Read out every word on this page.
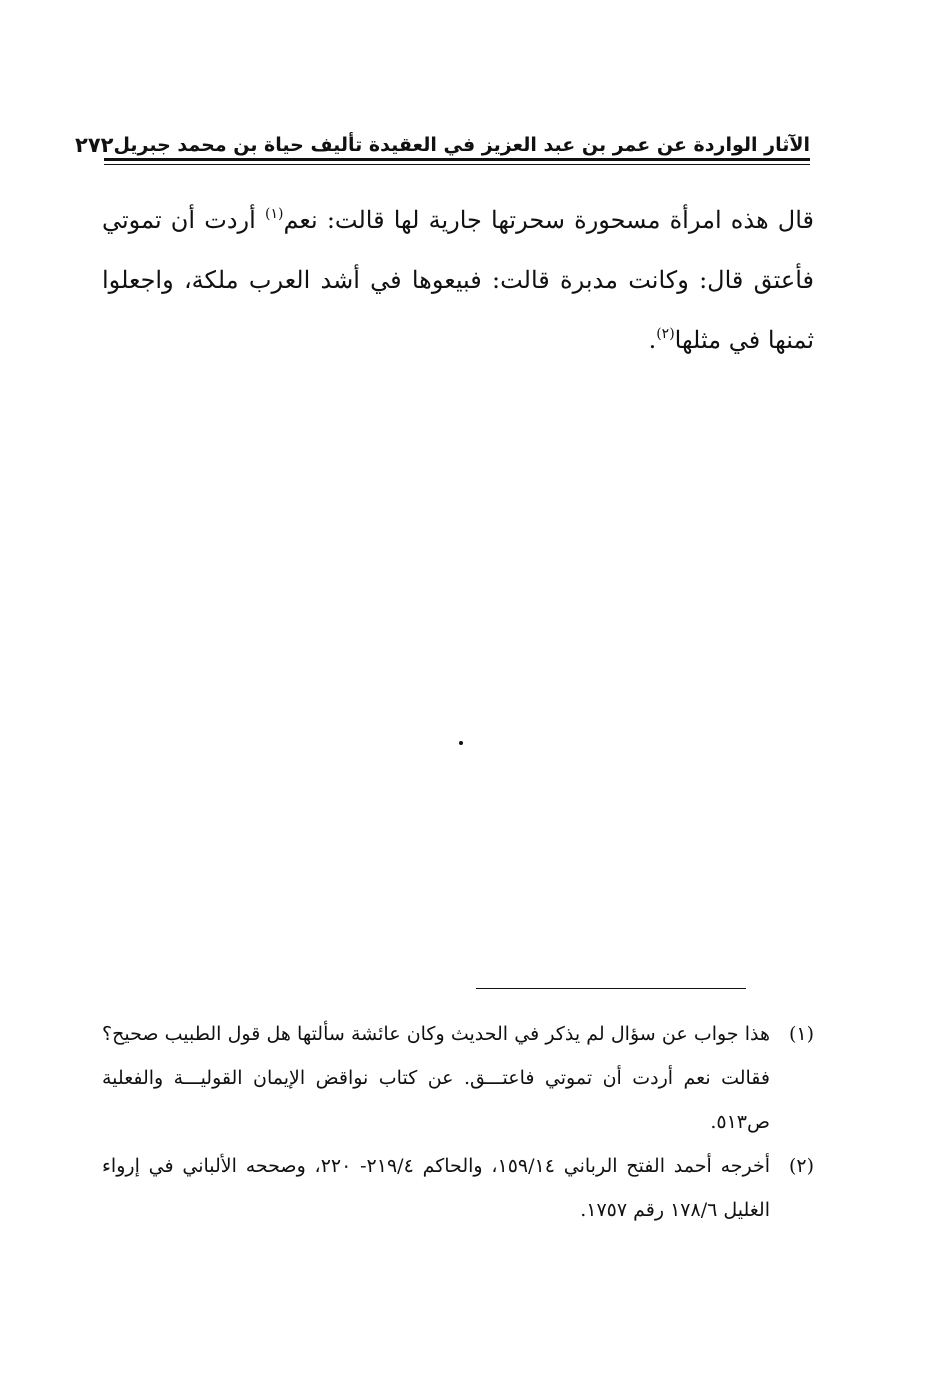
الآثار الواردة عن عمر بن عبد العزيز في العقيدة تأليف حياة بن محمد جبريل
٢٧٢
قال هذه امرأة مسحورة سحرتها جارية لها قالت: نعم$^{(١)}$ أردت أن تموتي فأعتق قال: وكانت مدبرة قالت: فبيعوها في أشد العرب ملكة، واجعلوا ثمنها في مثلها$^{(٢)}$.
(١)
هذا جواب عن سؤال لم يذكر في الحديث وكان عائشة سألتها هل قول الطبيب صحيح؟ فقالت نعم أردت أن تموتي فاعتـــق. عن كتاب نواقض الإيمان القوليـــة والفعلية ص٥١٣.
(٢)
أخرجه أحمد الفتح الرباني ١٥٩/١٤، والحاكم ٢١٩/٤- ٢٢٠، وصححه الألباني في إرواء الغليل ١٧٨/٦ رقم ١٧٥٧.
